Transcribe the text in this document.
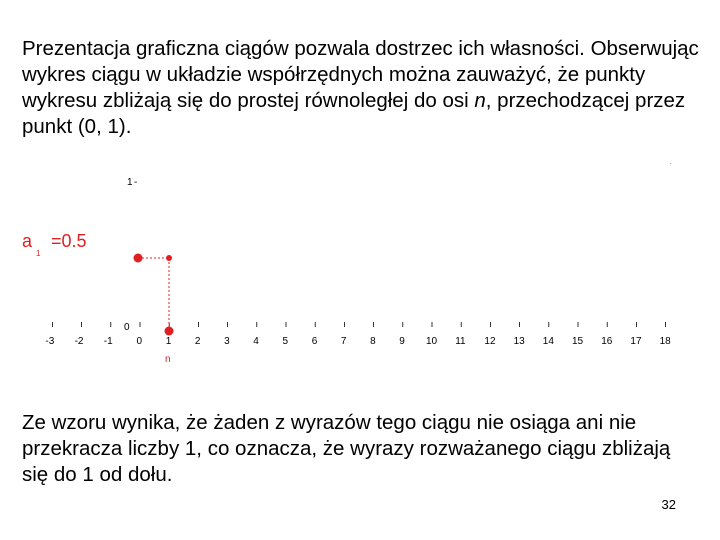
Prezentacja graficzna ciągów pozwala dostrzec ich własności. Obserwując wykres ciągu w układzie współrzędnych można zauważyć, że punkty wykresu zbliżają się do prostej równoległej do osi n, przechodzącej przez punkt (0, 1).

-3 -2 -1 0 1 2 3 4 5 6 7 8 9 10 11 12 13 14 15 16 17 18
1 -
0
n
a
1
=0.5
.

Ze wzoru wynika, że żaden z wyrazów tego ciągu nie osiąga ani nie przekracza liczby 1, co oznacza, że wyrazy rozważanego ciągu zbliżają się do 1 od dołu.

32
